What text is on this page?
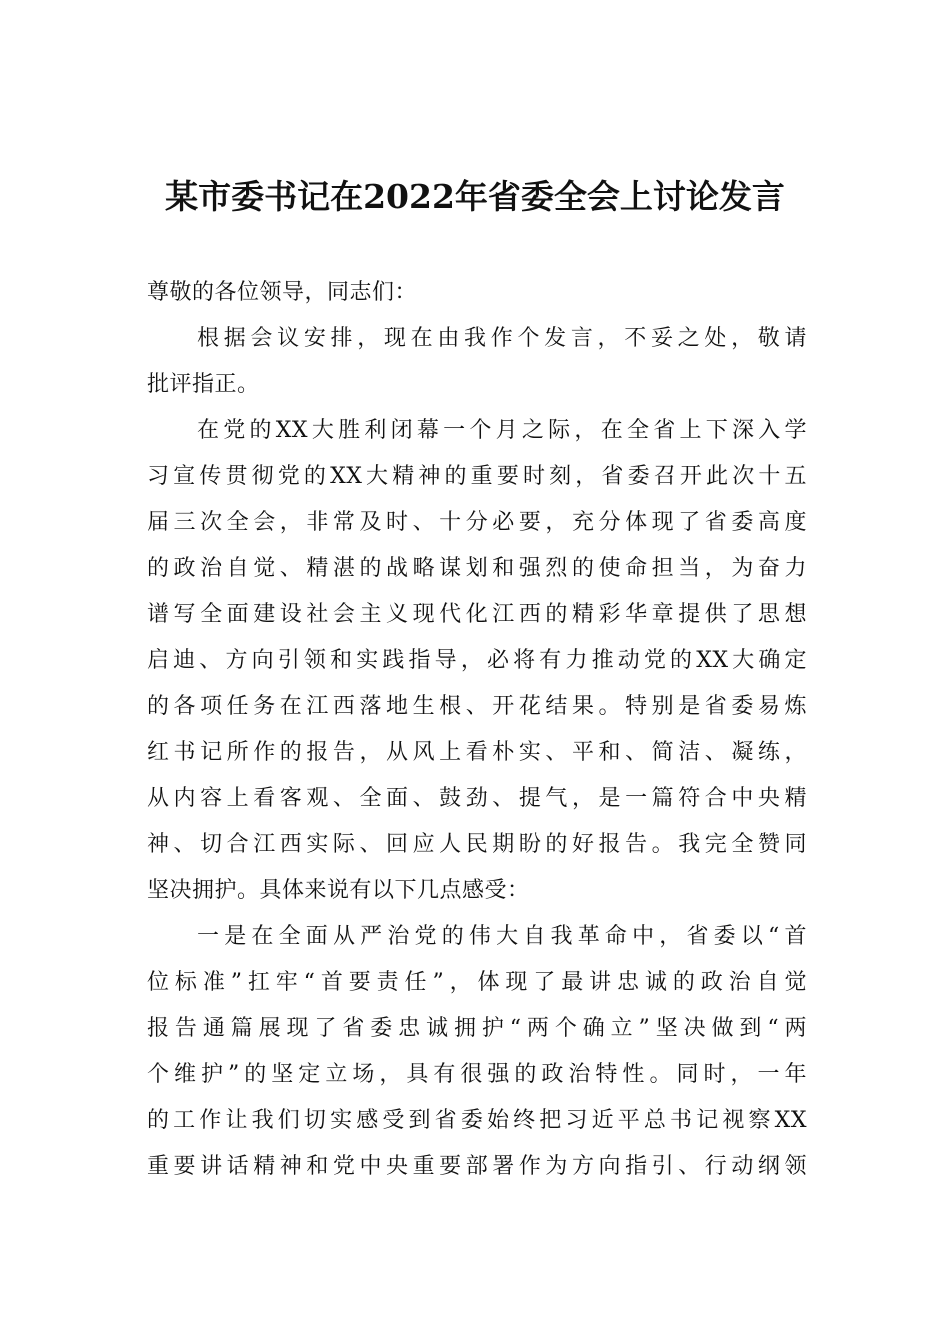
某市委书记在2022年省委全会上讨论发言
尊敬的各位领导，同志们：
根据会议安排，现在由我作个发言，不妥之处，敬请
批评指正。
在党的XX大胜利闭幕一个月之际，在全省上下深入学
习宣传贯彻党的XX大精神的重要时刻，省委召开此次十五
届三次全会，非常及时、十分必要，充分体现了省委高度
的政治自觉、精湛的战略谋划和强烈的使命担当，为奋力
谱写全面建设社会主义现代化江西的精彩华章提供了思想
启迪、方向引领和实践指导，必将有力推动党的XX大确定
的各项任务在江西落地生根、开花结果。特别是省委易炼
红书记所作的报告，从风上看朴实、平和、简洁、凝练，
从内容上看客观、全面、鼓劲、提气，是一篇符合中央精
神、切合江西实际、回应人民期盼的好报告。我完全赞同
坚决拥护。具体来说有以下几点感受：
一是在全面从严治党的伟大自我革命中，省委以“首
位标准”扛牢“首要责任”，体现了最讲忠诚的政治自觉
报告通篇展现了省委忠诚拥护“两个确立”坚决做到“两
个维护”的坚定立场，具有很强的政治特性。同时，一年
的工作让我们切实感受到省委始终把习近平总书记视察XX
重要讲话精神和党中央重要部署作为方向指引、行动纲领
